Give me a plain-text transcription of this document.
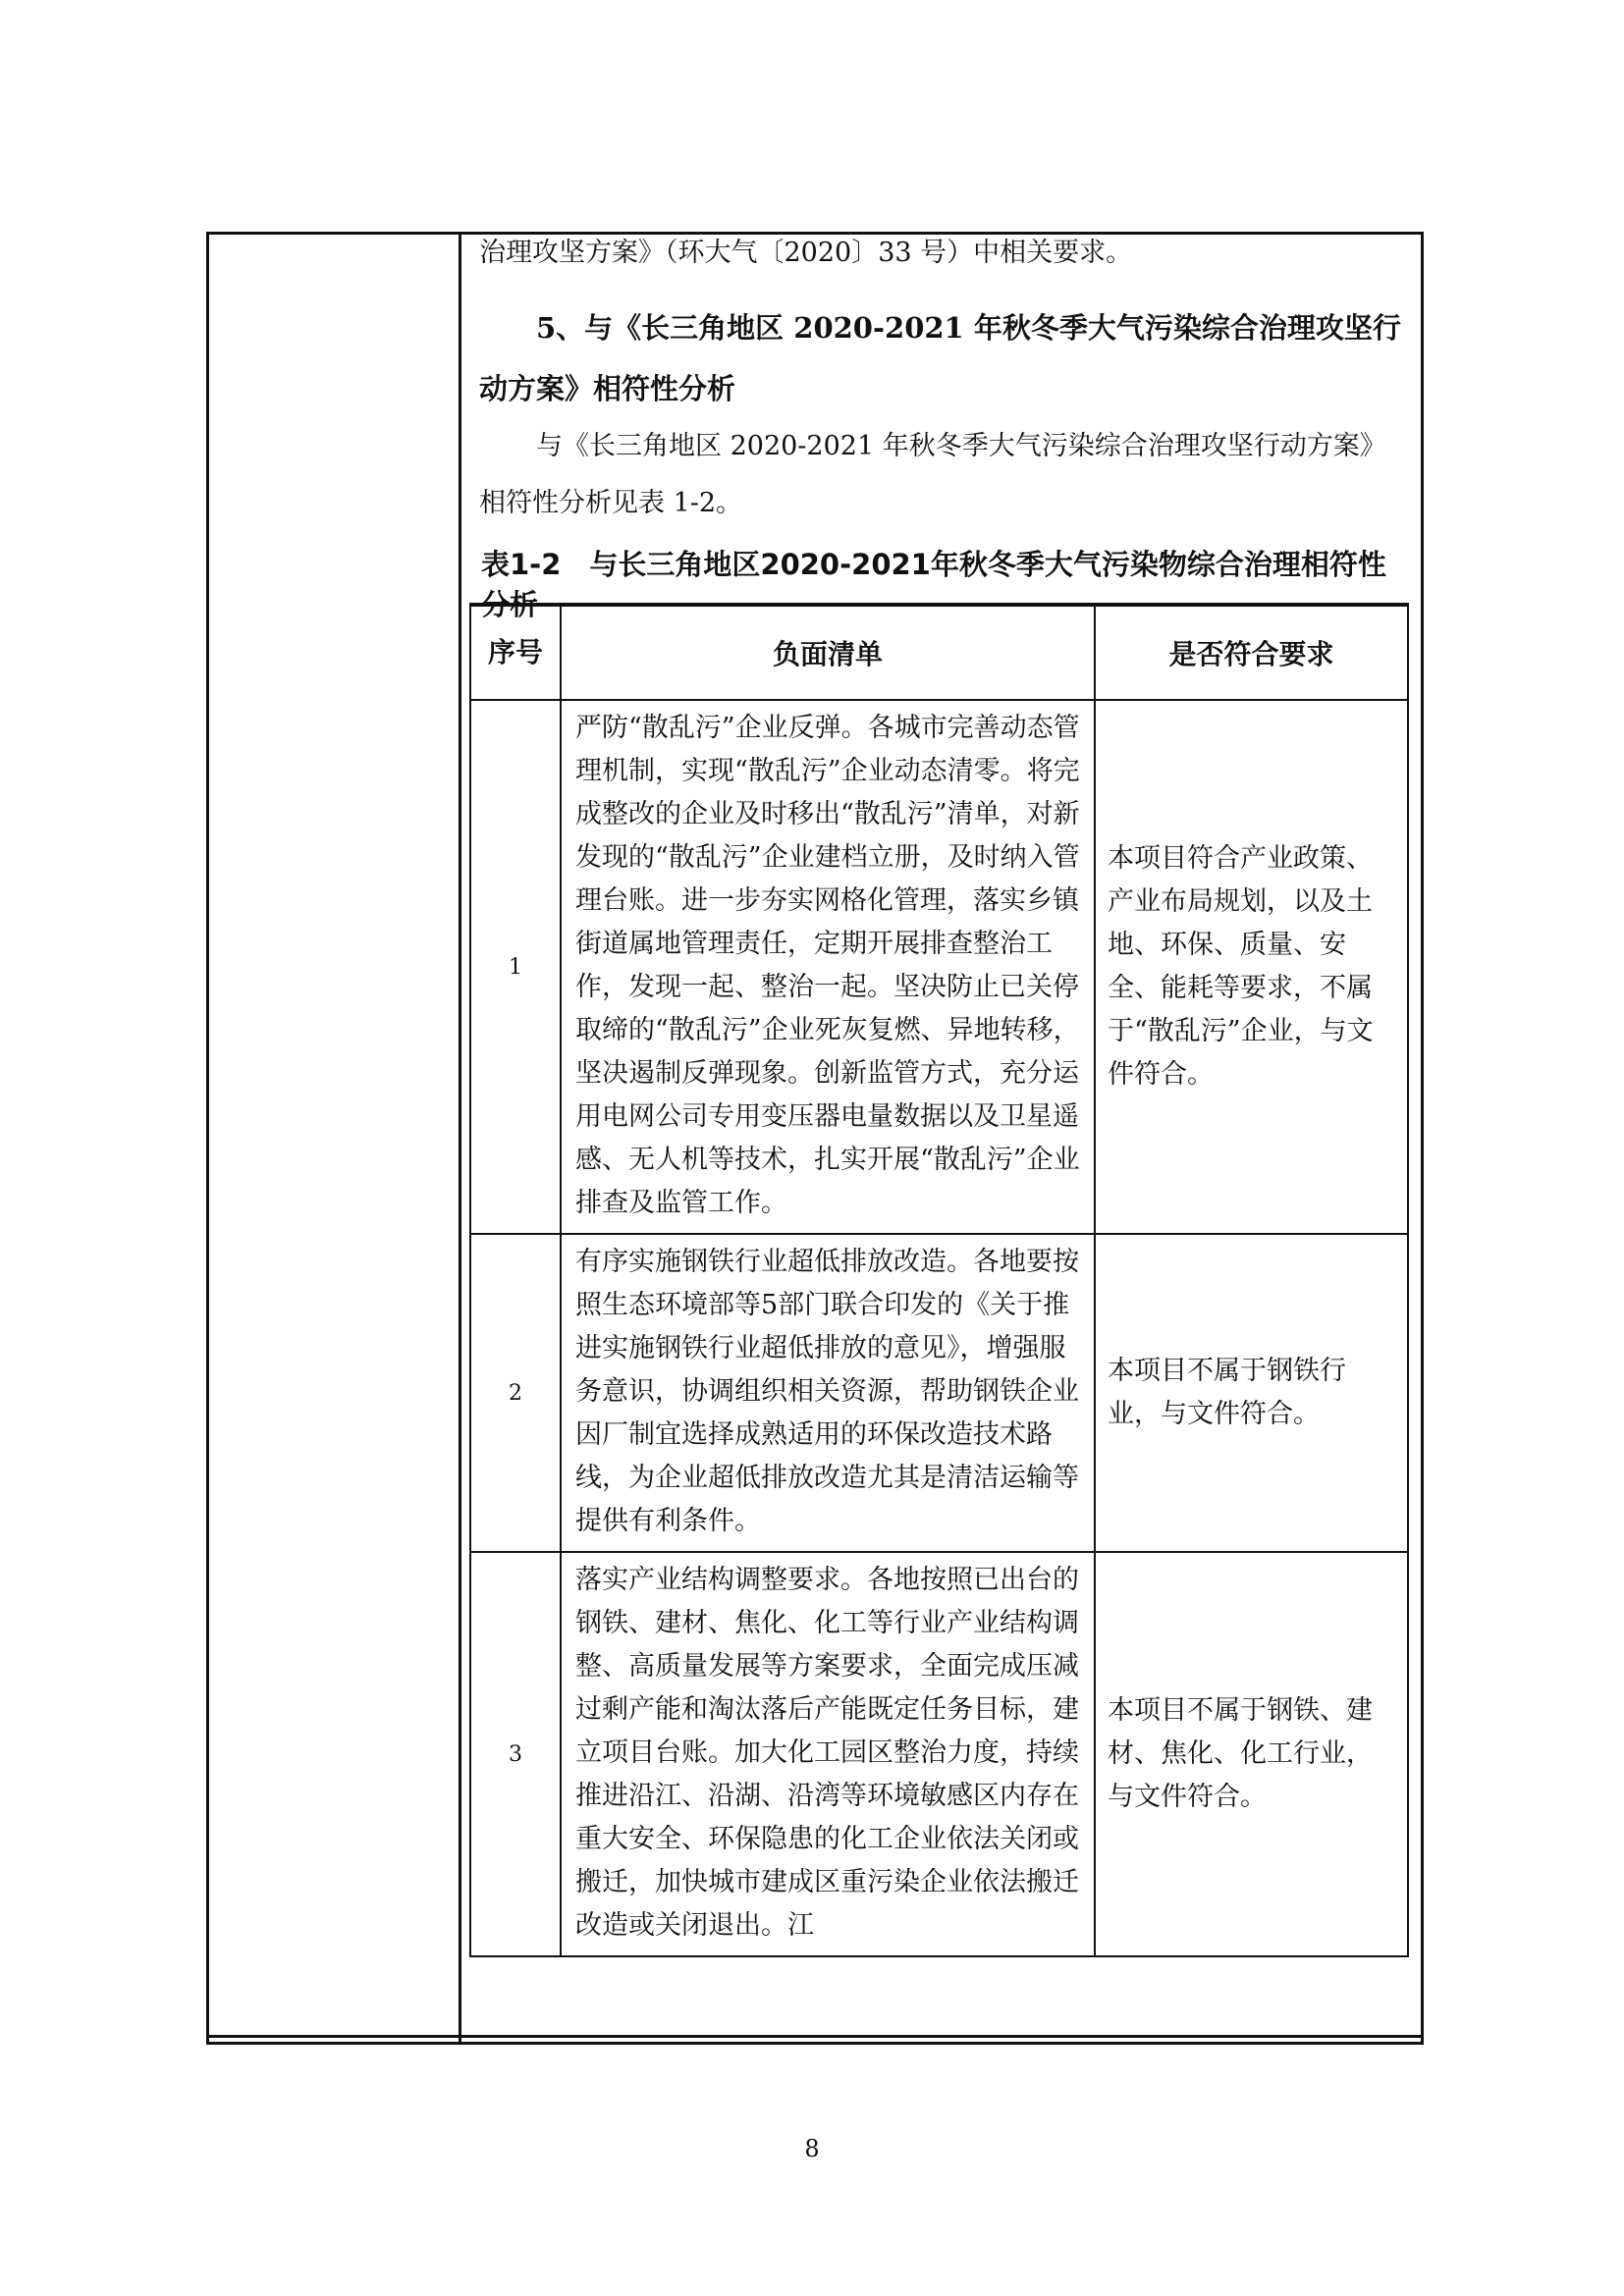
治理攻坚方案》（环大气〔2020〕33 号）中相关要求。

5、与《长三角地区 2020-2021 年秋冬季大气污染综合治理攻坚行动方案》相符性分析

与《长三角地区 2020-2021 年秋冬季大气污染综合治理攻坚行动方案》相符性分析见表 1-2。

表1-2　与长三角地区2020-2021年秋冬季大气污染物综合治理相符性分析

序号	负面清单	是否符合要求
1	严防“散乱污”企业反弹。各城市完善动态管理机制，实现“散乱污”企业动态清零。将完成整改的企业及时移出“散乱污”清单，对新发现的“散乱污”企业建档立册，及时纳入管理台账。进一步夯实网格化管理，落实乡镇街道属地管理责任，定期开展排查整治工作，发现一起、整治一起。坚决防止已关停取缔的“散乱污”企业死灰复燃、异地转移，坚决遏制反弹现象。创新监管方式，充分运用电网公司专用变压器电量数据以及卫星遥感、无人机等技术，扎实开展“散乱污”企业排查及监管工作。	本项目符合产业政策、产业布局规划，以及土地、环保、质量、安全、能耗等要求，不属于“散乱污”企业，与文件符合。
2	有序实施钢铁行业超低排放改造。各地要按照生态环境部等5部门联合印发的《关于推进实施钢铁行业超低排放的意见》，增强服务意识，协调组织相关资源，帮助钢铁企业因厂制宜选择成熟适用的环保改造技术路线，为企业超低排放改造尤其是清洁运输等提供有利条件。	本项目不属于钢铁行业，与文件符合。
3	落实产业结构调整要求。各地按照已出台的钢铁、建材、焦化、化工等行业产业结构调整、高质量发展等方案要求，全面完成压减过剩产能和淘汰落后产能既定任务目标，建立项目台账。加大化工园区整治力度，持续推进沿江、沿湖、沿湾等环境敏感区内存在重大安全、环保隐患的化工企业依法关闭或搬迁，加快城市建成区重污染企业依法搬迁改造或关闭退出。江	本项目不属于钢铁、建材、焦化、化工行业，与文件符合。
8
